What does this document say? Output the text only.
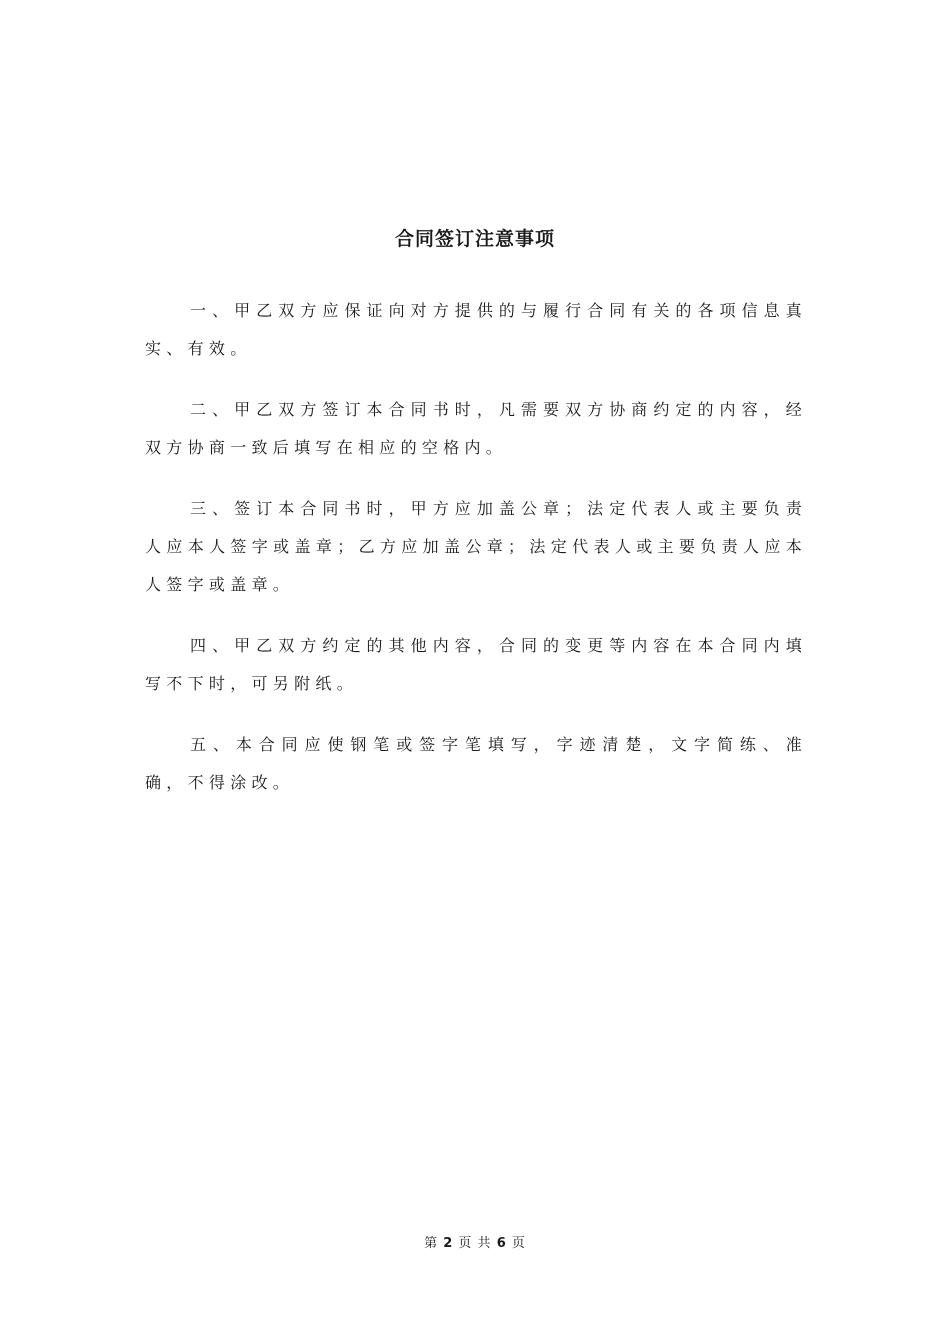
合同签订注意事项

一、甲乙双方应保证向对方提供的与履行合同有关的各项信息真实、有效。

二、甲乙双方签订本合同书时，凡需要双方协商约定的内容，经双方协商一致后填写在相应的空格内。

三、签订本合同书时，甲方应加盖公章；法定代表人或主要负责人应本人签字或盖章；乙方应加盖公章；法定代表人或主要负责人应本人签字或盖章。

四、甲乙双方约定的其他内容，合同的变更等内容在本合同内填写不下时，可另附纸。

五、本合同应使钢笔或签字笔填写，字迹清楚，文字简练、准确，不得涂改。

第 2 页 共 6 页
